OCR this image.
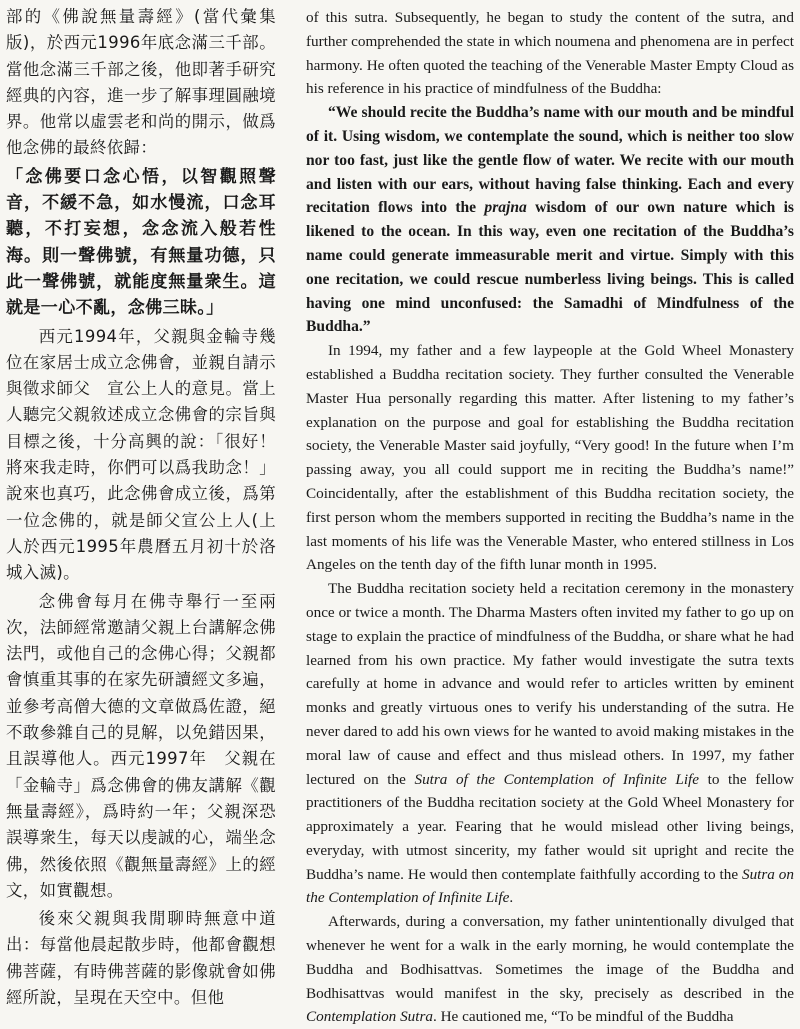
部的《佛說無量壽經》(當代彙集版)，於西元1996年底念滿三千部。當他念滿三千部之後，他即著手研究經典的內容，進一步了解事理圓融境界。他常以虛雲老和尚的開示，做爲他念佛的最終依歸：

「念佛要口念心悟，以智觀照聲音，不緩不急，如水慢流，口念耳聽，不打妄想，念念流入般若性海。則一聲佛號，有無量功德，只此一聲佛號，就能度無量衆生。這就是一心不亂，念佛三昧。」

西元1994年，父親與金輪寺幾位在家居士成立念佛會，並親自請示與徵求師父　宣公上人的意見。當上人聽完父親敘述成立念佛會的宗旨與目標之後，十分高興的說：「很好！將來我走時，你們可以爲我助念！」說來也真巧，此念佛會成立後，爲第一位念佛的，就是師父宣公上人(上人於西元1995年農曆五月初十於洛城入滅)。

念佛會每月在佛寺舉行一至兩次，法師經常邀請父親上台講解念佛法門，或他自己的念佛心得；父親都會慎重其事的在家先研讀經文多遍，並參考高僧大德的文章做爲佐證，絕不敢參雜自己的見解，以免錯因果，且誤導他人。西元1997年　父親在「金輪寺」爲念佛會的佛友講解《觀無量壽經》，爲時約一年；父親深恐誤導衆生，每天以虔誠的心，端坐念佛，然後依照《觀無量壽經》上的經文，如實觀想。

後來父親與我閒聊時無意中道出：每當他晨起散步時，他都會觀想佛菩薩，有時佛菩薩的影像就會如佛經所說，呈現在天空中。但他

of this sutra. Subsequently, he began to study the content of the sutra, and further comprehended the state in which noumena and phenomena are in perfect harmony. He often quoted the teaching of the Venerable Master Empty Cloud as his reference in his practice of mindfulness of the Buddha:

“We should recite the Buddha’s name with our mouth and be mindful of it. Using wisdom, we contemplate the sound, which is neither too slow nor too fast, just like the gentle flow of water. We recite with our mouth and listen with our ears, without having false thinking. Each and every recitation flows into the prajna wisdom of our own nature which is likened to the ocean. In this way, even one recitation of the Buddha’s name could generate immeasurable merit and virtue. Simply with this one recitation, we could rescue numberless living beings. This is called having one mind unconfused: the Samadhi of Mindfulness of the Buddha.”

In 1994, my father and a few laypeople at the Gold Wheel Monastery established a Buddha recitation society. They further consulted the Venerable Master Hua personally regarding this matter. After listening to my father’s explanation on the purpose and goal for establishing the Buddha recitation society, the Venerable Master said joyfully, “Very good! In the future when I’m passing away, you all could support me in reciting the Buddha’s name!” Coincidentally, after the establishment of this Buddha recitation society, the first person whom the members supported in reciting the Buddha’s name in the last moments of his life was the Venerable Master, who entered stillness in Los Angeles on the tenth day of the fifth lunar month in 1995.

The Buddha recitation society held a recitation ceremony in the monastery once or twice a month. The Dharma Masters often invited my father to go up on stage to explain the practice of mindfulness of the Buddha, or share what he had learned from his own practice. My father would investigate the sutra texts carefully at home in advance and would refer to articles written by eminent monks and greatly virtuous ones to verify his understanding of the sutra. He never dared to add his own views for he wanted to avoid making mistakes in the moral law of cause and effect and thus mislead others. In 1997, my father lectured on the Sutra of the Contemplation of Infinite Life to the fellow practitioners of the Buddha recitation society at the Gold Wheel Monastery for approximately a year. Fearing that he would mislead other living beings, everyday, with utmost sincerity, my father would sit upright and recite the Buddha’s name. He would then contemplate faithfully according to the Sutra on the Contemplation of Infinite Life.

Afterwards, during a conversation, my father unintentionally divulged that whenever he went for a walk in the early morning, he would contemplate the Buddha and Bodhisattvas. Sometimes the image of the Buddha and Bodhisattvas would manifest in the sky, precisely as described in the Contemplation Sutra. He cautioned me, “To be mindful of the Buddha
